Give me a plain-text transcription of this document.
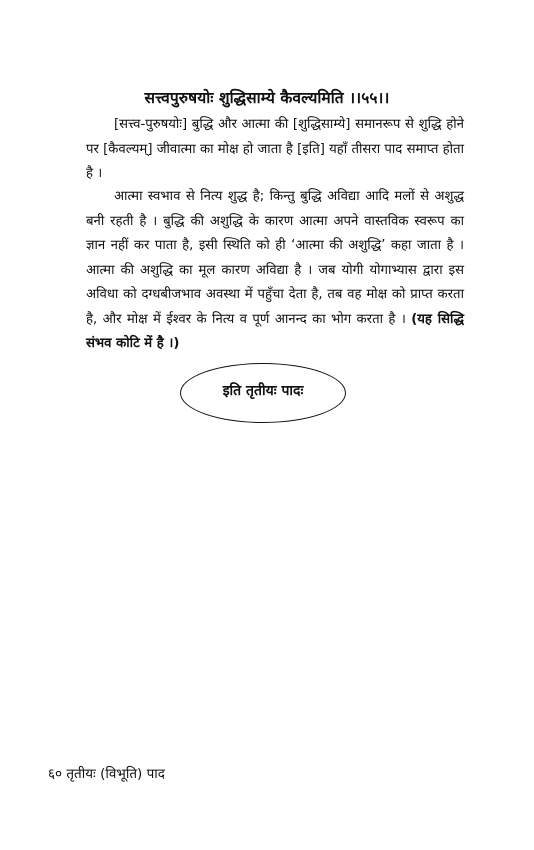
सत्त्वपुरुषयोः शुद्धिसाम्ये कैवल्यमिति ।।५५।।
[सत्त्व-पुरुषयोः] बुद्धि और आत्मा की [शुद्धिसाम्ये] समानरूप से शुद्धि होने पर [कैवल्यम्] जीवात्मा का मोक्ष हो जाता है [इति] यहाँ तीसरा पाद समाप्त होता है ।
आत्मा स्वभाव से नित्य शुद्ध है; किन्तु बुद्धि अविद्या आदि मलों से अशुद्ध बनी रहती है । बुद्धि की अशुद्धि के कारण आत्मा अपने वास्तविक स्वरूप का ज्ञान नहीं कर पाता है, इसी स्थिति को ही ‘आत्मा की अशुद्धि’ कहा जाता है । आत्मा की अशुद्धि का मूल कारण अविद्या है । जब योगी योगाभ्यास द्वारा इस अविधा को दग्धबीजभाव अवस्था में पहुँचा देता है, तब वह मोक्ष को प्राप्त करता है, और मोक्ष में ईश्वर के नित्य व पूर्ण आनन्द का भोग करता है । (यह सिद्धि संभव कोटि में है ।)
इति तृतीयः पादः
६० तृतीयः (विभूति) पाद
